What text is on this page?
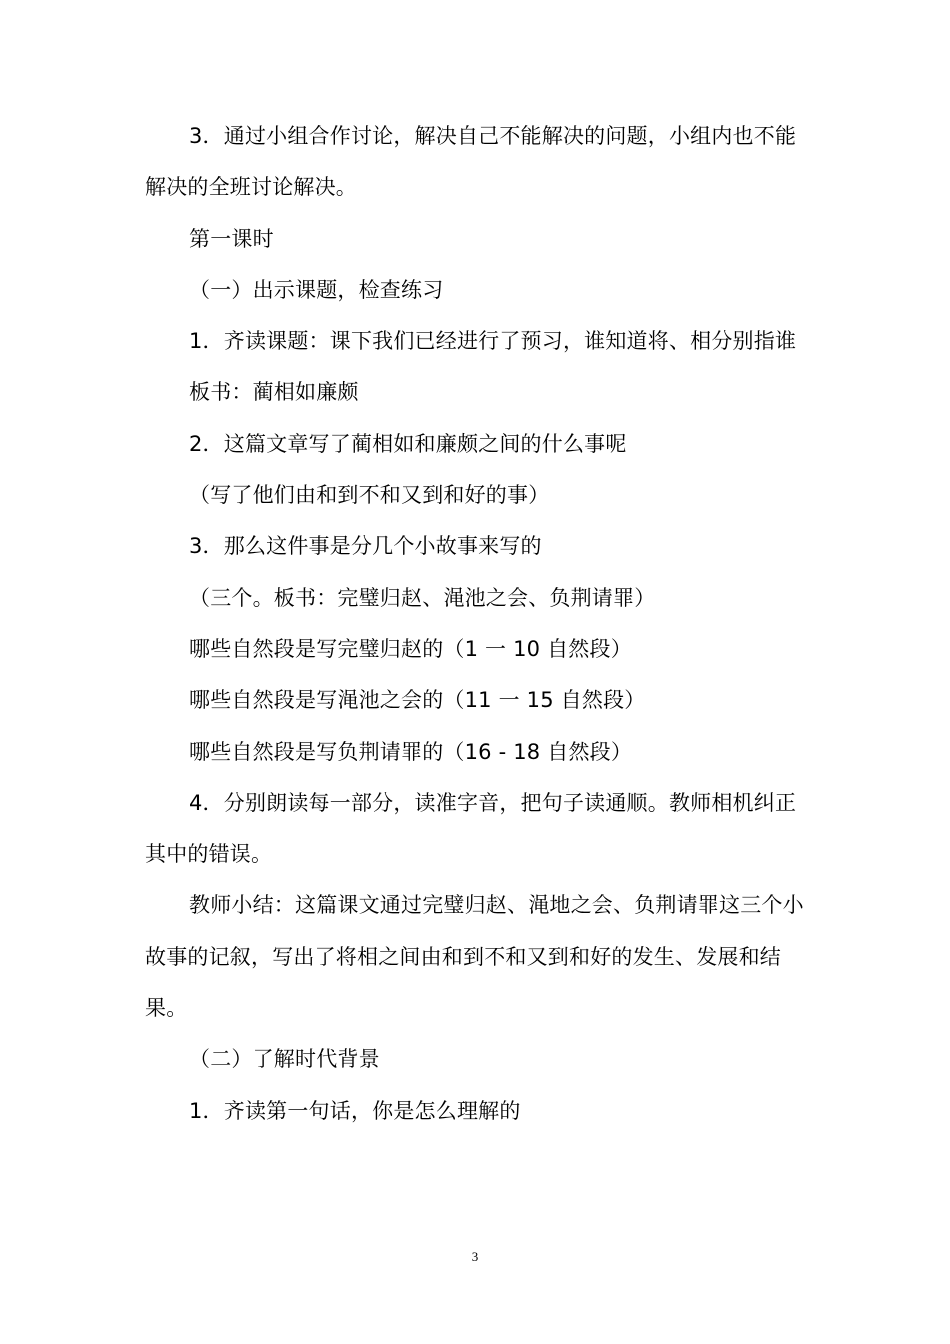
3．通过小组合作讨论，解决自己不能解决的问题，小组内也不能解决的全班讨论解决。

第一课时

（一）出示课题，检查练习

1．齐读课题：课下我们已经进行了预习，谁知道将、相分别指谁

板书：蔺相如廉颇

2．这篇文章写了蔺相如和廉颇之间的什么事呢

（写了他们由和到不和又到和好的事）

3．那么这件事是分几个小故事来写的

（三个。板书：完璧归赵、渑池之会、负荆请罪）

哪些自然段是写完璧归赵的（1 一 10 自然段）

哪些自然段是写渑池之会的（11 一 15 自然段）

哪些自然段是写负荆请罪的（16 - 18 自然段）

4．分别朗读每一部分，读准字音，把句子读通顺。教师相机纠正其中的错误。

教师小结：这篇课文通过完璧归赵、渑地之会、负荆请罪这三个小故事的记叙，写出了将相之间由和到不和又到和好的发生、发展和结果。

（二）了解时代背景

1．齐读第一句话，你是怎么理解的

3
